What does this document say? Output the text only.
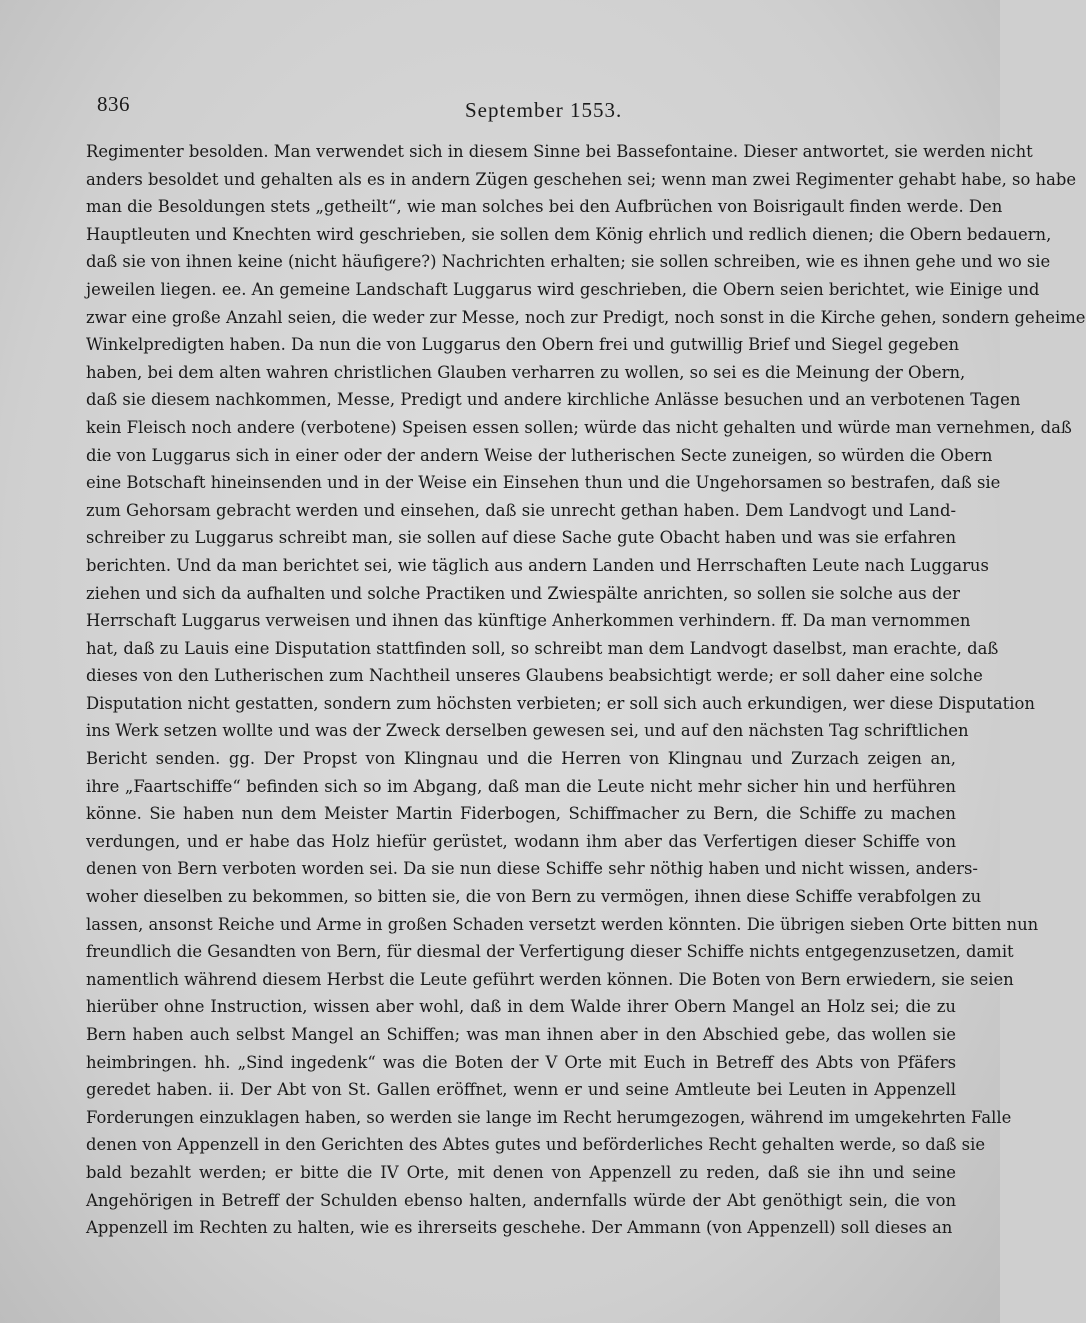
836	September 1553.
Regimenter besolden. Man verwendet sich in diesem Sinne bei Bassefontaine. Dieser antwortet, sie werden nicht
anders besoldet und gehalten als es in andern Zügen geschehen sei; wenn man zwei Regimenter gehabt habe, so habe
man die Besoldungen stets „getheilt“, wie man solches bei den Aufbrüchen von Boisrigault finden werde. Den
Hauptleuten und Knechten wird geschrieben, sie sollen dem König ehrlich und redlich dienen; die Obern bedauern,
daß sie von ihnen keine (nicht häufigere?) Nachrichten erhalten; sie sollen schreiben, wie es ihnen gehe und wo sie
jeweilen liegen. ee. An gemeine Landschaft Luggarus wird geschrieben, die Obern seien berichtet, wie Einige und
zwar eine große Anzahl seien, die weder zur Messe, noch zur Predigt, noch sonst in die Kirche gehen, sondern geheime
Winkelpredigten haben. Da nun die von Luggarus den Obern frei und gutwillig Brief und Siegel gegeben
haben, bei dem alten wahren christlichen Glauben verharren zu wollen, so sei es die Meinung der Obern,
daß sie diesem nachkommen, Messe, Predigt und andere kirchliche Anlässe besuchen und an verbotenen Tagen
kein Fleisch noch andere (verbotene) Speisen essen sollen; würde das nicht gehalten und würde man vernehmen, daß
die von Luggarus sich in einer oder der andern Weise der lutherischen Secte zuneigen, so würden die Obern
eine Botschaft hineinsenden und in der Weise ein Einsehen thun und die Ungehorsamen so bestrafen, daß sie
zum Gehorsam gebracht werden und einsehen, daß sie unrecht gethan haben. Dem Landvogt und Land-
schreiber zu Luggarus schreibt man, sie sollen auf diese Sache gute Obacht haben und was sie erfahren
berichten. Und da man berichtet sei, wie täglich aus andern Landen und Herrschaften Leute nach Luggarus
ziehen und sich da aufhalten und solche Practiken und Zwiespälte anrichten, so sollen sie solche aus der
Herrschaft Luggarus verweisen und ihnen das künftige Anherkommen verhindern. ff. Da man vernommen
hat, daß zu Lauis eine Disputation stattfinden soll, so schreibt man dem Landvogt daselbst, man erachte, daß
dieses von den Lutherischen zum Nachtheil unseres Glaubens beabsichtigt werde; er soll daher eine solche
Disputation nicht gestatten, sondern zum höchsten verbieten; er soll sich auch erkundigen, wer diese Disputation
ins Werk setzen wollte und was der Zweck derselben gewesen sei, und auf den nächsten Tag schriftlichen
Bericht senden. gg. Der Propst von Klingnau und die Herren von Klingnau und Zurzach zeigen an,
ihre „Faartschiffe“ befinden sich so im Abgang, daß man die Leute nicht mehr sicher hin und herführen
könne. Sie haben nun dem Meister Martin Fiderbogen, Schiffmacher zu Bern, die Schiffe zu machen
verdungen, und er habe das Holz hiefür gerüstet, wodann ihm aber das Verfertigen dieser Schiffe von
denen von Bern verboten worden sei. Da sie nun diese Schiffe sehr nöthig haben und nicht wissen, anders-
woher dieselben zu bekommen, so bitten sie, die von Bern zu vermögen, ihnen diese Schiffe verabfolgen zu
lassen, ansonst Reiche und Arme in großen Schaden versetzt werden könnten. Die übrigen sieben Orte bitten nun
freundlich die Gesandten von Bern, für diesmal der Verfertigung dieser Schiffe nichts entgegenzusetzen, damit
namentlich während diesem Herbst die Leute geführt werden können. Die Boten von Bern erwiedern, sie seien
hierüber ohne Instruction, wissen aber wohl, daß in dem Walde ihrer Obern Mangel an Holz sei; die zu
Bern haben auch selbst Mangel an Schiffen; was man ihnen aber in den Abschied gebe, das wollen sie
heimbringen. hh. „Sind ingedenk“ was die Boten der V Orte mit Euch in Betreff des Abts von Pfäfers
geredet haben. ii. Der Abt von St. Gallen eröffnet, wenn er und seine Amtleute bei Leuten in Appenzell
Forderungen einzuklagen haben, so werden sie lange im Recht herumgezogen, während im umgekehrten Falle
denen von Appenzell in den Gerichten des Abtes gutes und beförderliches Recht gehalten werde, so daß sie
bald bezahlt werden; er bitte die IV Orte, mit denen von Appenzell zu reden, daß sie ihn und seine
Angehörigen in Betreff der Schulden ebenso halten, andernfalls würde der Abt genöthigt sein, die von
Appenzell im Rechten zu halten, wie es ihrerseits geschehe. Der Ammann (von Appenzell) soll dieses an
